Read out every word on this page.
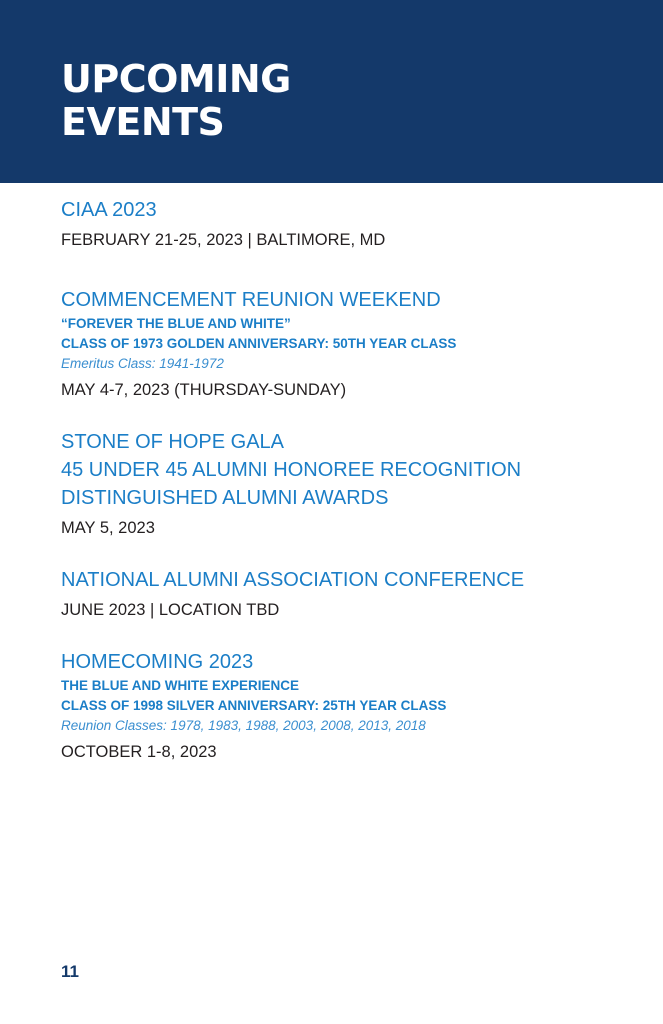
UPCOMING
EVENTS
CIAA 2023
FEBRUARY 21-25, 2023 | BALTIMORE, MD
COMMENCEMENT REUNION WEEKEND
“FOREVER THE BLUE AND WHITE”
CLASS OF 1973 GOLDEN ANNIVERSARY: 50TH YEAR CLASS
Emeritus Class: 1941-1972
MAY 4-7, 2023 (THURSDAY-SUNDAY)
STONE OF HOPE GALA
45 UNDER 45 ALUMNI HONOREE RECOGNITION
DISTINGUISHED ALUMNI AWARDS
MAY 5, 2023
NATIONAL ALUMNI ASSOCIATION CONFERENCE
JUNE 2023 | LOCATION TBD
HOMECOMING 2023
THE BLUE AND WHITE EXPERIENCE
CLASS OF 1998 SILVER ANNIVERSARY: 25TH YEAR CLASS
Reunion Classes: 1978, 1983, 1988, 2003, 2008, 2013, 2018
OCTOBER 1-8, 2023
11
